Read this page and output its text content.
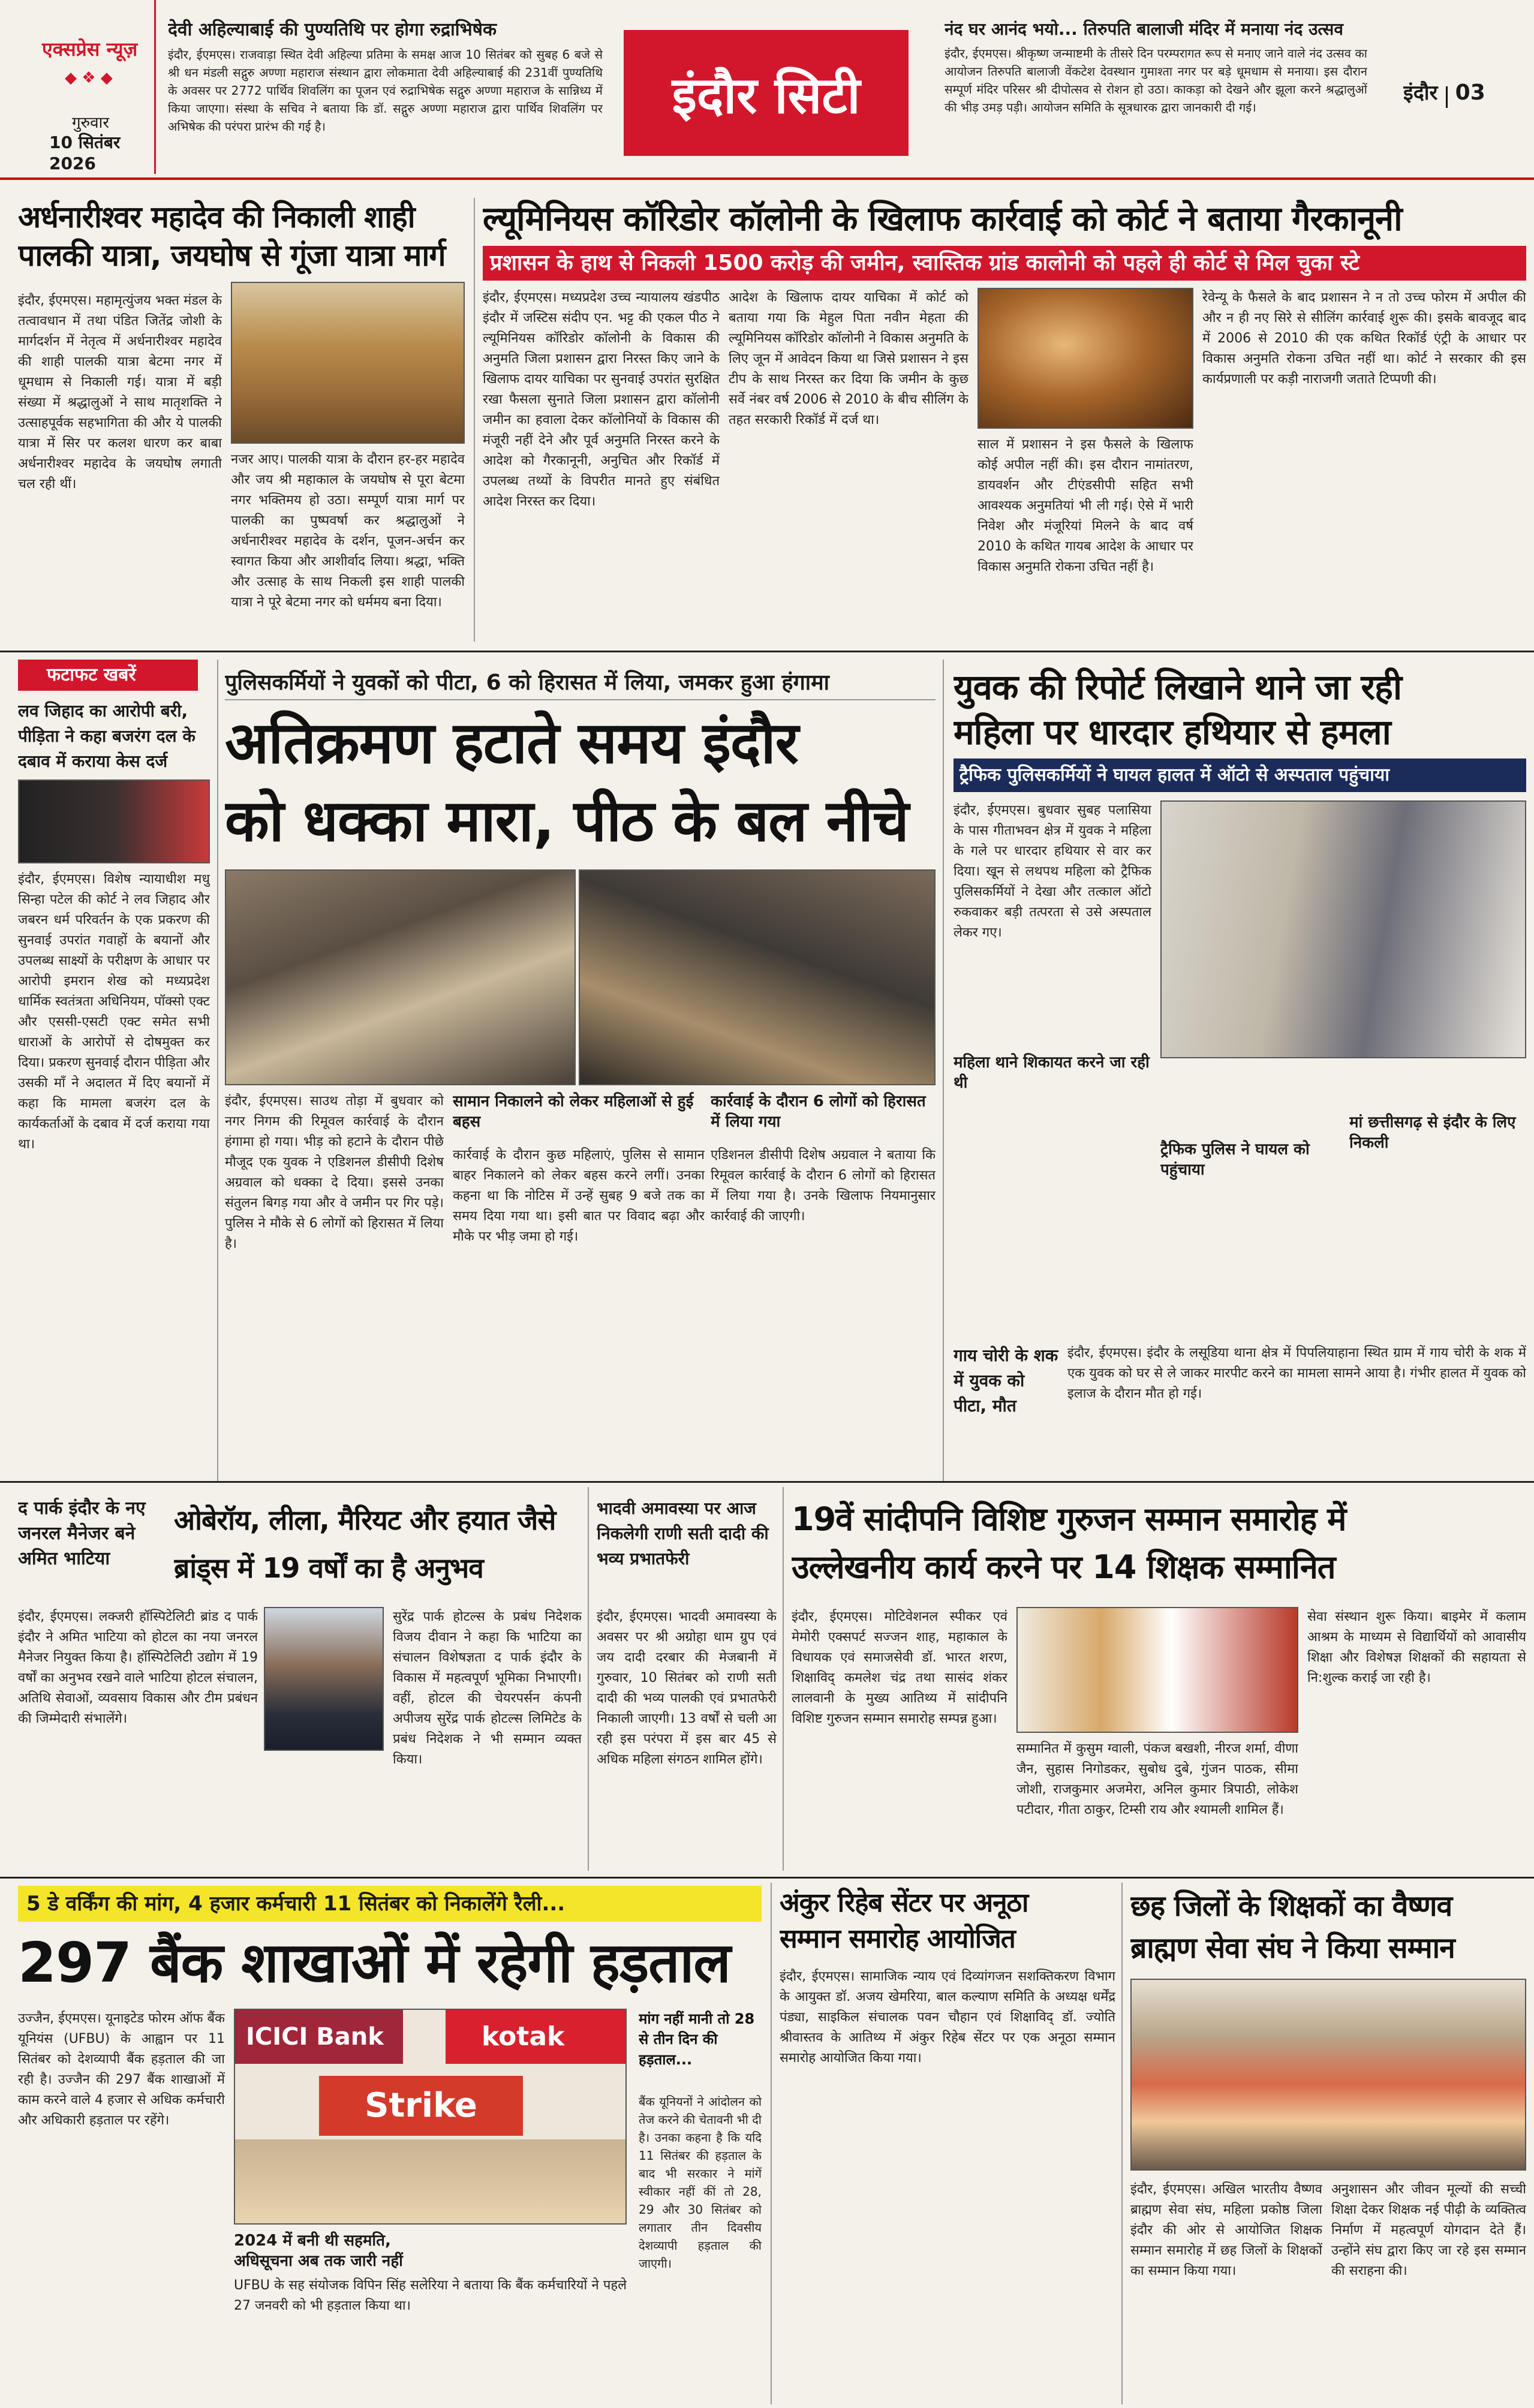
एक्सप्रेस न्यूज़
◆ ❖ ◆
गुरुवार
10 सितंबर 2026
देवी अहिल्याबाई की पुण्यतिथि पर होगा रुद्राभिषेक
इंदौर, ईएमएस। राजवाड़ा स्थित देवी अहिल्या प्रतिमा के समक्ष आज 10 सितंबर को सुबह 6 बजे से श्री धन मंडली सद्गुरु अण्णा महाराज संस्थान द्वारा लोकमाता देवी अहिल्याबाई की 231वीं पुण्यतिथि के अवसर पर 2772 पार्थिव शिवलिंग का पूजन एवं रुद्राभिषेक सद्गुरु अण्णा महाराज के सान्निध्य में किया जाएगा। संस्था के सचिव ने बताया कि डॉ. सद्गुरु अण्णा महाराज द्वारा पार्थिव शिवलिंग पर अभिषेक की परंपरा प्रारंभ की गई है।
इंदौर सिटी
नंद घर आनंद भयो... तिरुपति बालाजी मंदिर में मनाया नंद उत्सव
इंदौर, ईएमएस। श्रीकृष्ण जन्माष्टमी के तीसरे दिन परम्परागत रूप से मनाए जाने वाले नंद उत्सव का आयोजन तिरुपति बालाजी वेंकटेश देवस्थान गुमाश्ता नगर पर बड़े धूमधाम से मनाया। इस दौरान सम्पूर्ण मंदिर परिसर श्री दीपोत्सव से रोशन हो उठा। काकड़ा को देखने और झूला करने श्रद्धालुओं की भीड़ उमड़ पड़ी। आयोजन समिति के सूत्रधारक द्वारा जानकारी दी गई।
इंदौर 03
अर्धनारीश्वर महादेव की निकाली शाही
पालकी यात्रा, जयघोष से गूंजा यात्रा मार्ग
इंदौर, ईएमएस। महामृत्युंजय भक्त मंडल के तत्वावधान में तथा पंडित जितेंद्र जोशी के मार्गदर्शन में नेतृत्व में अर्धनारीश्वर महादेव की शाही पालकी यात्रा बेटमा नगर में धूमधाम से निकाली गई। यात्रा में बड़ी संख्या में श्रद्धालुओं ने साथ मातृशक्ति ने उत्साहपूर्वक सहभागिता की और ये पालकी यात्रा में सिर पर कलश धारण कर बाबा अर्धनारीश्वर महादेव के जयघोष लगाती चल रही थीं।
नजर आए। पालकी यात्रा के दौरान हर-हर महादेव और जय श्री महाकाल के जयघोष से पूरा बेटमा नगर भक्तिमय हो उठा। सम्पूर्ण यात्रा मार्ग पर पालकी का पुष्पवर्षा कर श्रद्धालुओं ने अर्धनारीश्वर महादेव के दर्शन, पूजन-अर्चन कर स्वागत किया और आशीर्वाद लिया। श्रद्धा, भक्ति और उत्साह के साथ निकली इस शाही पालकी यात्रा ने पूरे बेटमा नगर को धर्ममय बना दिया।
ल्यूमिनियस कॉरिडोर कॉलोनी के खिलाफ कार्रवाई को कोर्ट ने बताया गैरकानूनी
प्रशासन के हाथ से निकली 1500 करोड़ की जमीन, स्वास्तिक ग्रांड कालोनी को पहले ही कोर्ट से मिल चुका स्टे
इंदौर, ईएमएस। मध्यप्रदेश उच्च न्यायालय खंडपीठ इंदौर में जस्टिस संदीप एन. भट्ट की एकल पीठ ने ल्यूमिनियस कॉरिडोर कॉलोनी के विकास की अनुमति जिला प्रशासन द्वारा निरस्त किए जाने के खिलाफ दायर याचिका पर सुनवाई उपरांत सुरक्षित रखा फैसला सुनाते जिला प्रशासन द्वारा कॉलोनी जमीन का हवाला देकर कॉलोनियों के विकास की मंजूरी नहीं देने और पूर्व अनुमति निरस्त करने के आदेश को गैरकानूनी, अनुचित और रिकॉर्ड में उपलब्ध तथ्यों के विपरीत मानते हुए संबंधित आदेश निरस्त कर दिया।
आदेश के खिलाफ दायर याचिका में कोर्ट को बताया गया कि मेहुल पिता नवीन मेहता की ल्यूमिनियस कॉरिडोर कॉलोनी ने विकास अनुमति के लिए जून में आवेदन किया था जिसे प्रशासन ने इस टीप के साथ निरस्त कर दिया कि जमीन के कुछ सर्वे नंबर वर्ष 2006 से 2010 के बीच सीलिंग के तहत सरकारी रिकॉर्ड में दर्ज था।
साल में प्रशासन ने इस फैसले के खिलाफ कोई अपील नहीं की। इस दौरान नामांतरण, डायवर्शन और टीएंडसीपी सहित सभी आवश्यक अनुमतियां भी ली गई। ऐसे में भारी निवेश और मंजूरियां मिलने के बाद वर्ष 2010 के कथित गायब आदेश के आधार पर विकास अनुमति रोकना उचित नहीं है।
रेवेन्यू के फैसले के बाद प्रशासन ने न तो उच्च फोरम में अपील की और न ही नए सिरे से सीलिंग कार्रवाई शुरू की। इसके बावजूद बाद में 2006 से 2010 की एक कथित रिकॉर्ड एंट्री के आधार पर विकास अनुमति रोकना उचित नहीं था। कोर्ट ने सरकार की इस कार्यप्रणाली पर कड़ी नाराजगी जताते टिप्पणी की।
फटाफट खबरें
लव जिहाद का आरोपी बरी, पीड़िता ने कहा बजरंग दल के दबाव में कराया केस दर्ज
इंदौर, ईएमएस। विशेष न्यायाधीश मधु सिन्हा पटेल की कोर्ट ने लव जिहाद और जबरन धर्म परिवर्तन के एक प्रकरण की सुनवाई उपरांत गवाहों के बयानों और उपलब्ध साक्ष्यों के परीक्षण के आधार पर आरोपी इमरान शेख को मध्यप्रदेश धार्मिक स्वतंत्रता अधिनियम, पॉक्सो एक्ट और एससी-एसटी एक्ट समेत सभी धाराओं के आरोपों से दोषमुक्त कर दिया। प्रकरण सुनवाई दौरान पीड़िता और उसकी माँ ने अदालत में दिए बयानों में कहा कि मामला बजरंग दल के कार्यकर्ताओं के दबाव में दर्ज कराया गया था।
पुलिसकर्मियों ने युवकों को पीटा, 6 को हिरासत में लिया, जमकर हुआ हंगामा
अतिक्रमण हटाते समय इंदौर
को धक्का मारा, पीठ के बल नीचे
इंदौर, ईएमएस। साउथ तोड़ा में बुधवार को नगर निगम की रिमूवल कार्रवाई के दौरान हंगामा हो गया। भीड़ को हटाने के दौरान पीछे मौजूद एक युवक ने एडिशनल डीसीपी दिशेष अग्रवाल को धक्का दे दिया। इससे उनका संतुलन बिगड़ गया और वे जमीन पर गिर पड़े। पुलिस ने मौके से 6 लोगों को हिरासत में लिया है।
सामान निकालने को लेकर महिलाओं से हुई बहस
कार्रवाई के दौरान कुछ महिलाएं, पुलिस से सामान बाहर निकालने को लेकर बहस करने लगीं। उनका कहना था कि नोटिस में उन्हें सुबह 9 बजे तक का समय दिया गया था। इसी बात पर विवाद बढ़ा और मौके पर भीड़ जमा हो गई।
कार्रवाई के दौरान 6 लोगों को हिरासत में लिया गया
एडिशनल डीसीपी दिशेष अग्रवाल ने बताया कि रिमूवल कार्रवाई के दौरान 6 लोगों को हिरासत में लिया गया है। उनके खिलाफ नियमानुसार कार्रवाई की जाएगी।
युवक की रिपोर्ट लिखाने थाने जा रही
महिला पर धारदार हथियार से हमला
ट्रैफिक पुलिसकर्मियों ने घायल हालत में ऑटो से अस्पताल पहुंचाया
इंदौर, ईएमएस। बुधवार सुबह पलासिया के पास गीताभवन क्षेत्र में युवक ने महिला के गले पर धारदार हथियार से वार कर दिया। खून से लथपथ महिला को ट्रैफिक पुलिसकर्मियों ने देखा और तत्काल ऑटो रुकवाकर बड़ी तत्परता से उसे अस्पताल लेकर गए।
महिला थाने शिकायत करने जा रही थी
ट्रैफिक पुलिस ने घायल को पहुंचाया
मां छत्तीसगढ़ से इंदौर के लिए निकली
गाय चोरी के शक में युवक को पीटा, मौत
इंदौर, ईएमएस। इंदौर के लसूडिया थाना क्षेत्र में पिपलियाहाना स्थित ग्राम में गाय चोरी के शक में एक युवक को घर से ले जाकर मारपीट करने का मामला सामने आया है। गंभीर हालत में युवक को इलाज के दौरान मौत हो गई।
द पार्क इंदौर के नए जनरल मैनेजर बने अमित भाटिया
ओबेरॉय, लीला, मैरियट और हयात जैसे ब्रांड्स में 19 वर्षों का है अनुभव
इंदौर, ईएमएस। लक्जरी हॉस्पिटेलिटी ब्रांड द पार्क इंदौर ने अमित भाटिया को होटल का नया जनरल मैनेजर नियुक्त किया है। हॉस्पिटेलिटी उद्योग में 19 वर्षों का अनुभव रखने वाले भाटिया होटल संचालन, अतिथि सेवाओं, व्यवसाय विकास और टीम प्रबंधन की जिम्मेदारी संभालेंगे।
सुरेंद्र पार्क होटल्स के प्रबंध निदेशक विजय दीवान ने कहा कि भाटिया का संचालन विशेषज्ञता द पार्क इंदौर के विकास में महत्वपूर्ण भूमिका निभाएगी। वहीं, होटल की चेयरपर्सन कंपनी अपीजय सुरेंद्र पार्क होटल्स लिमिटेड के प्रबंध निदेशक ने भी सम्मान व्यक्त किया।
भादवी अमावस्या पर आज निकलेगी राणी सती दादी की भव्य प्रभातफेरी
इंदौर, ईएमएस। भादवी अमावस्या के अवसर पर श्री अग्रोहा धाम ग्रुप एवं जय दादी दरबार की मेजबानी में गुरुवार, 10 सितंबर को राणी सती दादी की भव्य पालकी एवं प्रभातफेरी निकाली जाएगी। 13 वर्षों से चली आ रही इस परंपरा में इस बार 45 से अधिक महिला संगठन शामिल होंगे।
19वें सांदीपनि विशिष्ट गुरुजन सम्मान समारोह में
उल्लेखनीय कार्य करने पर 14 शिक्षक सम्मानित
इंदौर, ईएमएस। मोटिवेशनल स्पीकर एवं मेमोरी एक्सपर्ट सज्जन शाह, महाकाल के विधायक एवं समाजसेवी डॉ. भारत शरण, शिक्षाविद् कमलेश चंद्र तथा सासंद शंकर लालवानी के मुख्य आतिथ्य में सांदीपनि विशिष्ट गुरुजन सम्मान समारोह सम्पन्न हुआ।
सम्मानित में कुसुम ग्वाली, पंकज बखशी, नीरज शर्मा, वीणा जैन, सुहास निगोडकर, सुबोध दुबे, गुंजन पाठक, सीमा जोशी, राजकुमार अजमेरा, अनिल कुमार त्रिपाठी, लोकेश पटीदार, गीता ठाकुर, टिम्सी राय और श्यामली शामिल हैं।
सेवा संस्थान शुरू किया। बाइमेर में कलाम आश्रम के माध्यम से विद्यार्थियों को आवासीय शिक्षा और विशेषज्ञ शिक्षकों की सहायता से नि:शुल्क कराई जा रही है।
5 डे वर्किंग की मांग, 4 हजार कर्मचारी 11 सितंबर को निकालेंगे रैली...
297 बैंक शाखाओं में रहेगी हड़ताल
उज्जैन, ईएमएस। यूनाइटेड फोरम ऑफ बैंक यूनियंस (UFBU) के आह्वान पर 11 सितंबर को देशव्यापी बैंक हड़ताल की जा रही है। उज्जैन की 297 बैंक शाखाओं में काम करने वाले 4 हजार से अधिक कर्मचारी और अधिकारी हड़ताल पर रहेंगे।
ICICI Bank	kotak
Strike
2024 में बनी थी सहमति, अधिसूचना अब तक जारी नहीं
UFBU के सह संयोजक विपिन सिंह सलेरिया ने बताया कि बैंक कर्मचारियों ने पहले 27 जनवरी को भी हड़ताल किया था।
मांग नहीं मानी तो 28 से तीन दिन की हड़ताल...
बैंक यूनियनों ने आंदोलन को तेज करने की चेतावनी भी दी है। उनका कहना है कि यदि 11 सितंबर की हड़ताल के बाद भी सरकार ने मांगें स्वीकार नहीं कीं तो 28, 29 और 30 सितंबर को लगातार तीन दिवसीय देशव्यापी हड़ताल की जाएगी।
अंकुर रिहेब सेंटर पर अनूठा
सम्मान समारोह आयोजित
इंदौर, ईएमएस। सामाजिक न्याय एवं दिव्यांगजन सशक्तिकरण विभाग के आयुक्त डॉ. अजय खेमरिया, बाल कल्याण समिति के अध्यक्ष धर्मेंद्र पंड्या, साइकिल संचालक पवन चौहान एवं शिक्षाविद् डॉ. ज्योति श्रीवास्तव के आतिथ्य में अंकुर रिहेब सेंटर पर एक अनूठा सम्मान समारोह आयोजित किया गया।
छह जिलों के शिक्षकों का वैष्णव
ब्राह्मण सेवा संघ ने किया सम्मान
इंदौर, ईएमएस। अखिल भारतीय वैष्णव ब्राह्मण सेवा संघ, महिला प्रकोष्ठ जिला इंदौर की ओर से आयोजित शिक्षक सम्मान समारोह में छह जिलों के शिक्षकों का सम्मान किया गया।
अनुशासन और जीवन मूल्यों की सच्ची शिक्षा देकर शिक्षक नई पीढ़ी के व्यक्तित्व निर्माण में महत्वपूर्ण योगदान देते हैं। उन्होंने संघ द्वारा किए जा रहे इस सम्मान की सराहना की।
